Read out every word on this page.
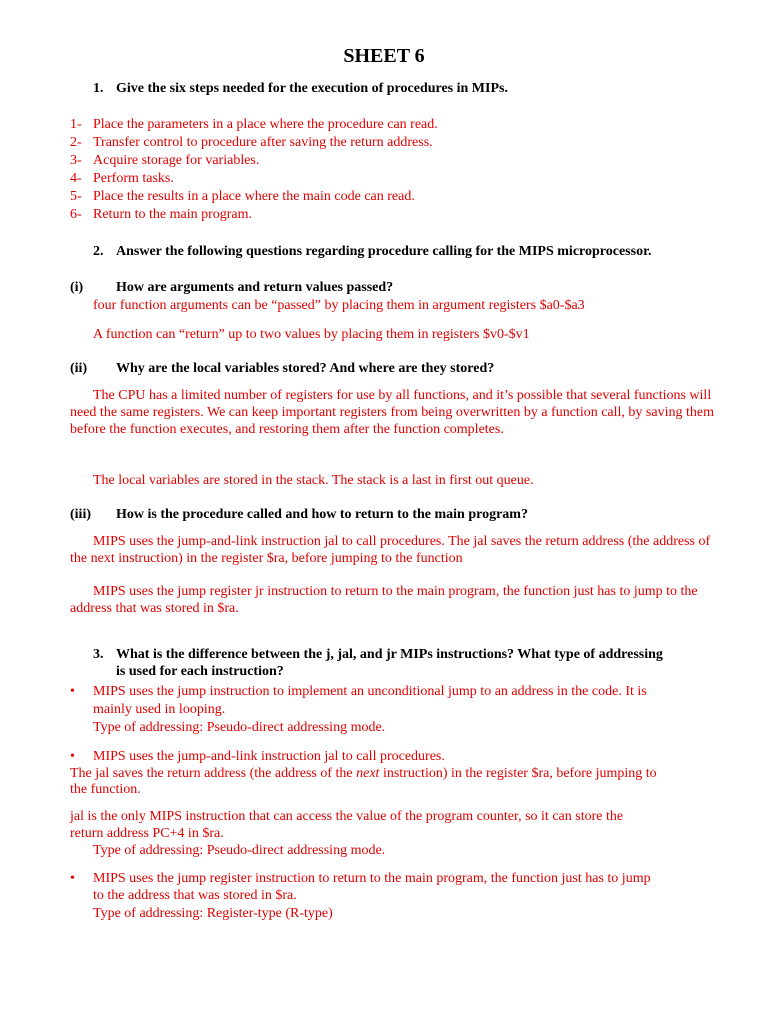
SHEET 6
1. Give the six steps needed for the execution of procedures in MIPs.
1- Place the parameters in a place where the procedure can read.
2- Transfer control to procedure after saving the return address.
3- Acquire storage for variables.
4- Perform tasks.
5- Place the results in a place where the main code can read.
6- Return to the main program.
2. Answer the following questions regarding procedure calling for the MIPS microprocessor.
(i) How are arguments and return values passed?
four function arguments can be “passed” by placing them in argument registers $a0-$a3
A function can “return” up to two values by placing them in registers $v0-$v1
(ii) Why are the local variables stored? And where are they stored?
The CPU has a limited number of registers for use by all functions, and it’s possible that several functions will need the same registers. We can keep important registers from being overwritten by a function call, by saving them before the function executes, and restoring them after the function completes.
The local variables are stored in the stack. The stack is a last in first out queue.
(iii) How is the procedure called and how to return to the main program?
MIPS uses the jump-and-link instruction jal to call procedures. The jal saves the return address (the address of the next instruction) in the register $ra, before jumping to the function
MIPS uses the jump register jr instruction to return to the main program, the function just has to jump to the address that was stored in $ra.
3. What is the difference between the j, jal, and jr MIPs instructions? What type of addressing
is used for each instruction?
• MIPS uses the jump instruction to implement an unconditional jump to an address in the code. It is
mainly used in looping.
Type of addressing: Pseudo-direct addressing mode.
• MIPS uses the jump-and-link instruction jal to call procedures.
The jal saves the return address (the address of the next instruction) in the register $ra, before jumping to
the function.
jal is the only MIPS instruction that can access the value of the program counter, so it can store the
return address PC+4 in $ra.
Type of addressing: Pseudo-direct addressing mode.
• MIPS uses the jump register instruction to return to the main program, the function just has to jump
to the address that was stored in $ra.
Type of addressing: Register-type (R-type)
